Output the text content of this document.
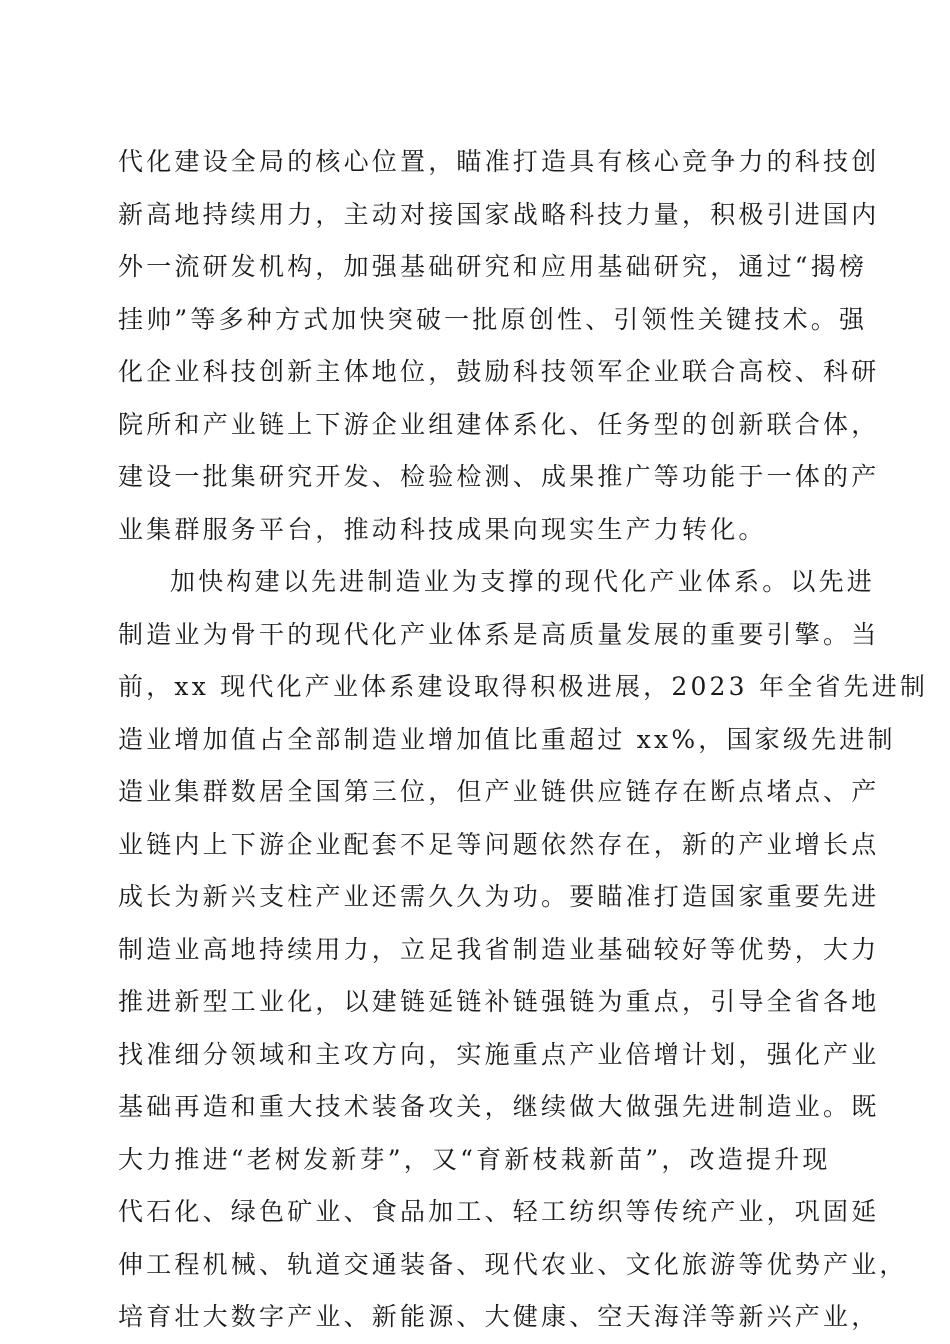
代化建设全局的核心位置，瞄准打造具有核心竞争力的科技创
新高地持续用力，主动对接国家战略科技力量，积极引进国内
外一流研发机构，加强基础研究和应用基础研究，通过“揭榜
挂帅”等多种方式加快突破一批原创性、引领性关键技术。强
化企业科技创新主体地位，鼓励科技领军企业联合高校、科研
院所和产业链上下游企业组建体系化、任务型的创新联合体，
建设一批集研究开发、检验检测、成果推广等功能于一体的产
业集群服务平台，推动科技成果向现实生产力转化。
加快构建以先进制造业为支撑的现代化产业体系。以先进
制造业为骨干的现代化产业体系是高质量发展的重要引擎。当
前，xx 现代化产业体系建设取得积极进展，2023 年全省先进制
造业增加值占全部制造业增加值比重超过 xx%，国家级先进制
造业集群数居全国第三位，但产业链供应链存在断点堵点、产
业链内上下游企业配套不足等问题依然存在，新的产业增长点
成长为新兴支柱产业还需久久为功。要瞄准打造国家重要先进
制造业高地持续用力，立足我省制造业基础较好等优势，大力
推进新型工业化，以建链延链补链强链为重点，引导全省各地
找准细分领域和主攻方向，实施重点产业倍增计划，强化产业
基础再造和重大技术装备攻关，继续做大做强先进制造业。既
大力推进“老树发新芽”，又“育新枝栽新苗”，改造提升现
代石化、绿色矿业、食品加工、轻工纺织等传统产业，巩固延
伸工程机械、轨道交通装备、现代农业、文化旅游等优势产业，
培育壮大数字产业、新能源、大健康、空天海洋等新兴产业，
